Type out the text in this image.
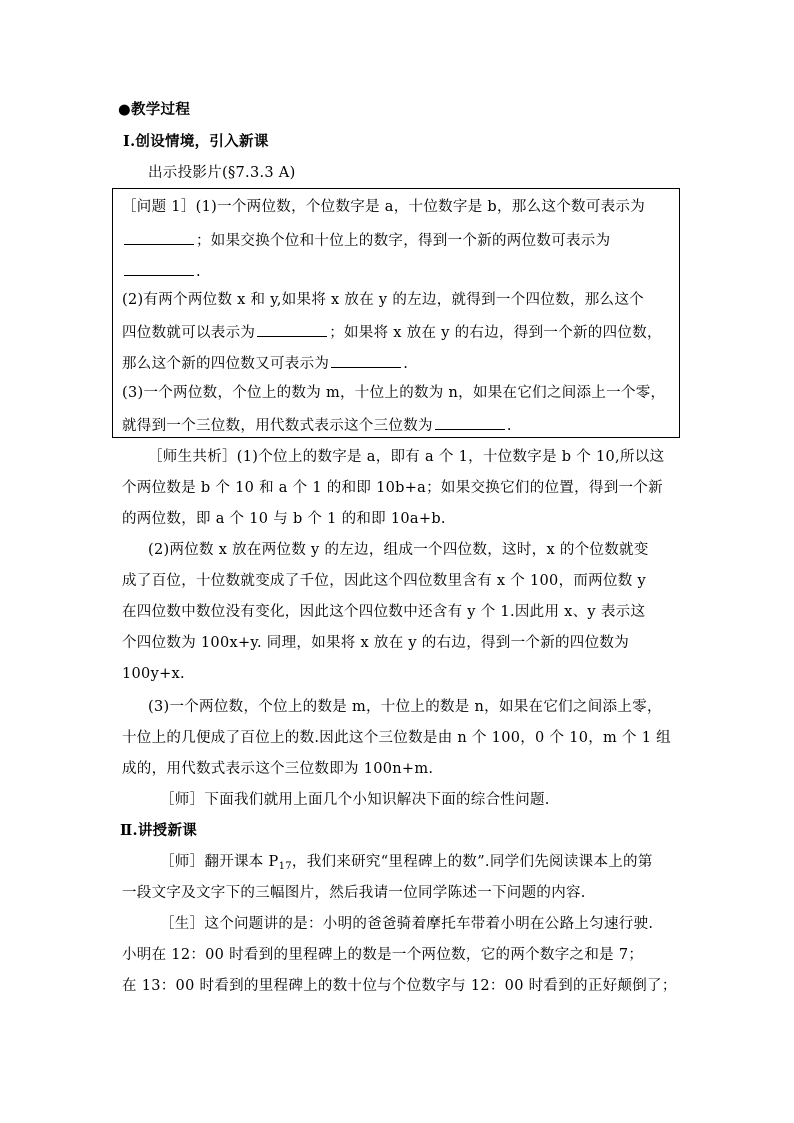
●教学过程
Ⅰ.创设情境，引入新课
出示投影片(§7.3.3 A)
［问题 1］(1)一个两位数，个位数字是 a，十位数字是 b，那么这个数可表示为
；如果交换个位和十位上的数字，得到一个新的两位数可表示为
.
(2)有两个两位数 x 和 y,如果将 x 放在 y 的左边，就得到一个四位数，那么这个
四位数就可以表示为	；如果将 x 放在 y 的右边，得到一个新的四位数，
那么这个新的四位数又可表示为	.
(3)一个两位数，个位上的数为 m，十位上的数为 n，如果在它们之间添上一个零，
就得到一个三位数，用代数式表示这个三位数为	.
［师生共析］(1)个位上的数字是 a，即有 a 个 1，十位数字是 b 个 10,所以这
个两位数是 b 个 10 和 a 个 1 的和即 10b+a；如果交换它们的位置，得到一个新
的两位数，即 a 个 10 与 b 个 1 的和即 10a+b.
(2)两位数 x 放在两位数 y 的左边，组成一个四位数，这时，x 的个位数就变
成了百位，十位数就变成了千位，因此这个四位数里含有 x 个 100，而两位数 y
在四位数中数位没有变化，因此这个四位数中还含有 y 个 1.因此用 x、y 表示这
个四位数为 100x+y. 同理，如果将 x 放在 y 的右边，得到一个新的四位数为
100y+x.
(3)一个两位数，个位上的数是 m，十位上的数是 n，如果在它们之间添上零，
十位上的几便成了百位上的数.因此这个三位数是由 n 个 100，0 个 10，m 个 1 组
成的，用代数式表示这个三位数即为 100n+m.
［师］下面我们就用上面几个小知识解决下面的综合性问题.
Ⅱ.讲授新课
［师］翻开课本 $P_{17}$，我们来研究“里程碑上的数”.同学们先阅读课本上的第
一段文字及文字下的三幅图片，然后我请一位同学陈述一下问题的内容.
［生］这个问题讲的是：小明的爸爸骑着摩托车带着小明在公路上匀速行驶.
小明在 12：00 时看到的里程碑上的数是一个两位数，它的两个数字之和是 7；
在 13：00 时看到的里程碑上的数十位与个位数字与 12：00 时看到的正好颠倒了；
